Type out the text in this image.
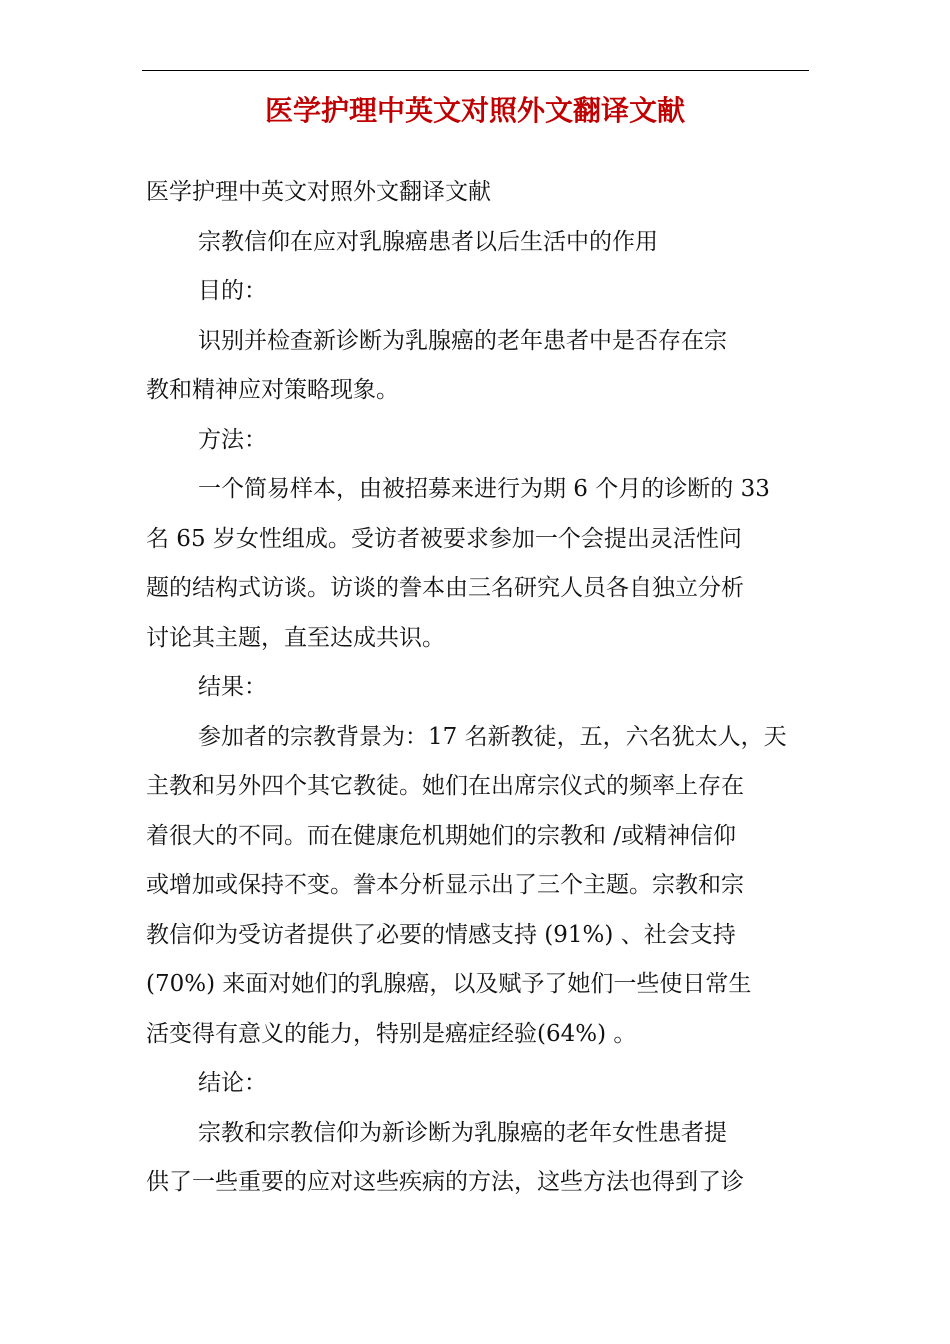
医学护理中英文对照外文翻译文献
医学护理中英文对照外文翻译文献
宗教信仰在应对乳腺癌患者以后生活中的作用
目的：
识别并检查新诊断为乳腺癌的老年患者中是否存在宗
教和精神应对策略现象。
方法：
一个简易样本，由被招募来进行为期 6 个月的诊断的 33
名 65 岁女性组成。受访者被要求参加一个会提出灵活性问
题的结构式访谈。访谈的誊本由三名研究人员各自独立分析
讨论其主题，直至达成共识。
结果：
参加者的宗教背景为：17 名新教徒，五，六名犹太人，天
主教和另外四个其它教徒。她们在出席宗仪式的频率上存在
着很大的不同。而在健康危机期她们的宗教和 /或精神信仰
或增加或保持不变。誊本分析显示出了三个主题。宗教和宗
教信仰为受访者提供了必要的情感支持 (91%) 、社会支持
(70%) 来面对她们的乳腺癌，以及赋予了她们一些使日常生
活变得有意义的能力，特别是癌症经验(64%) 。
结论：
宗教和宗教信仰为新诊断为乳腺癌的老年女性患者提
供了一些重要的应对这些疾病的方法，这些方法也得到了诊
